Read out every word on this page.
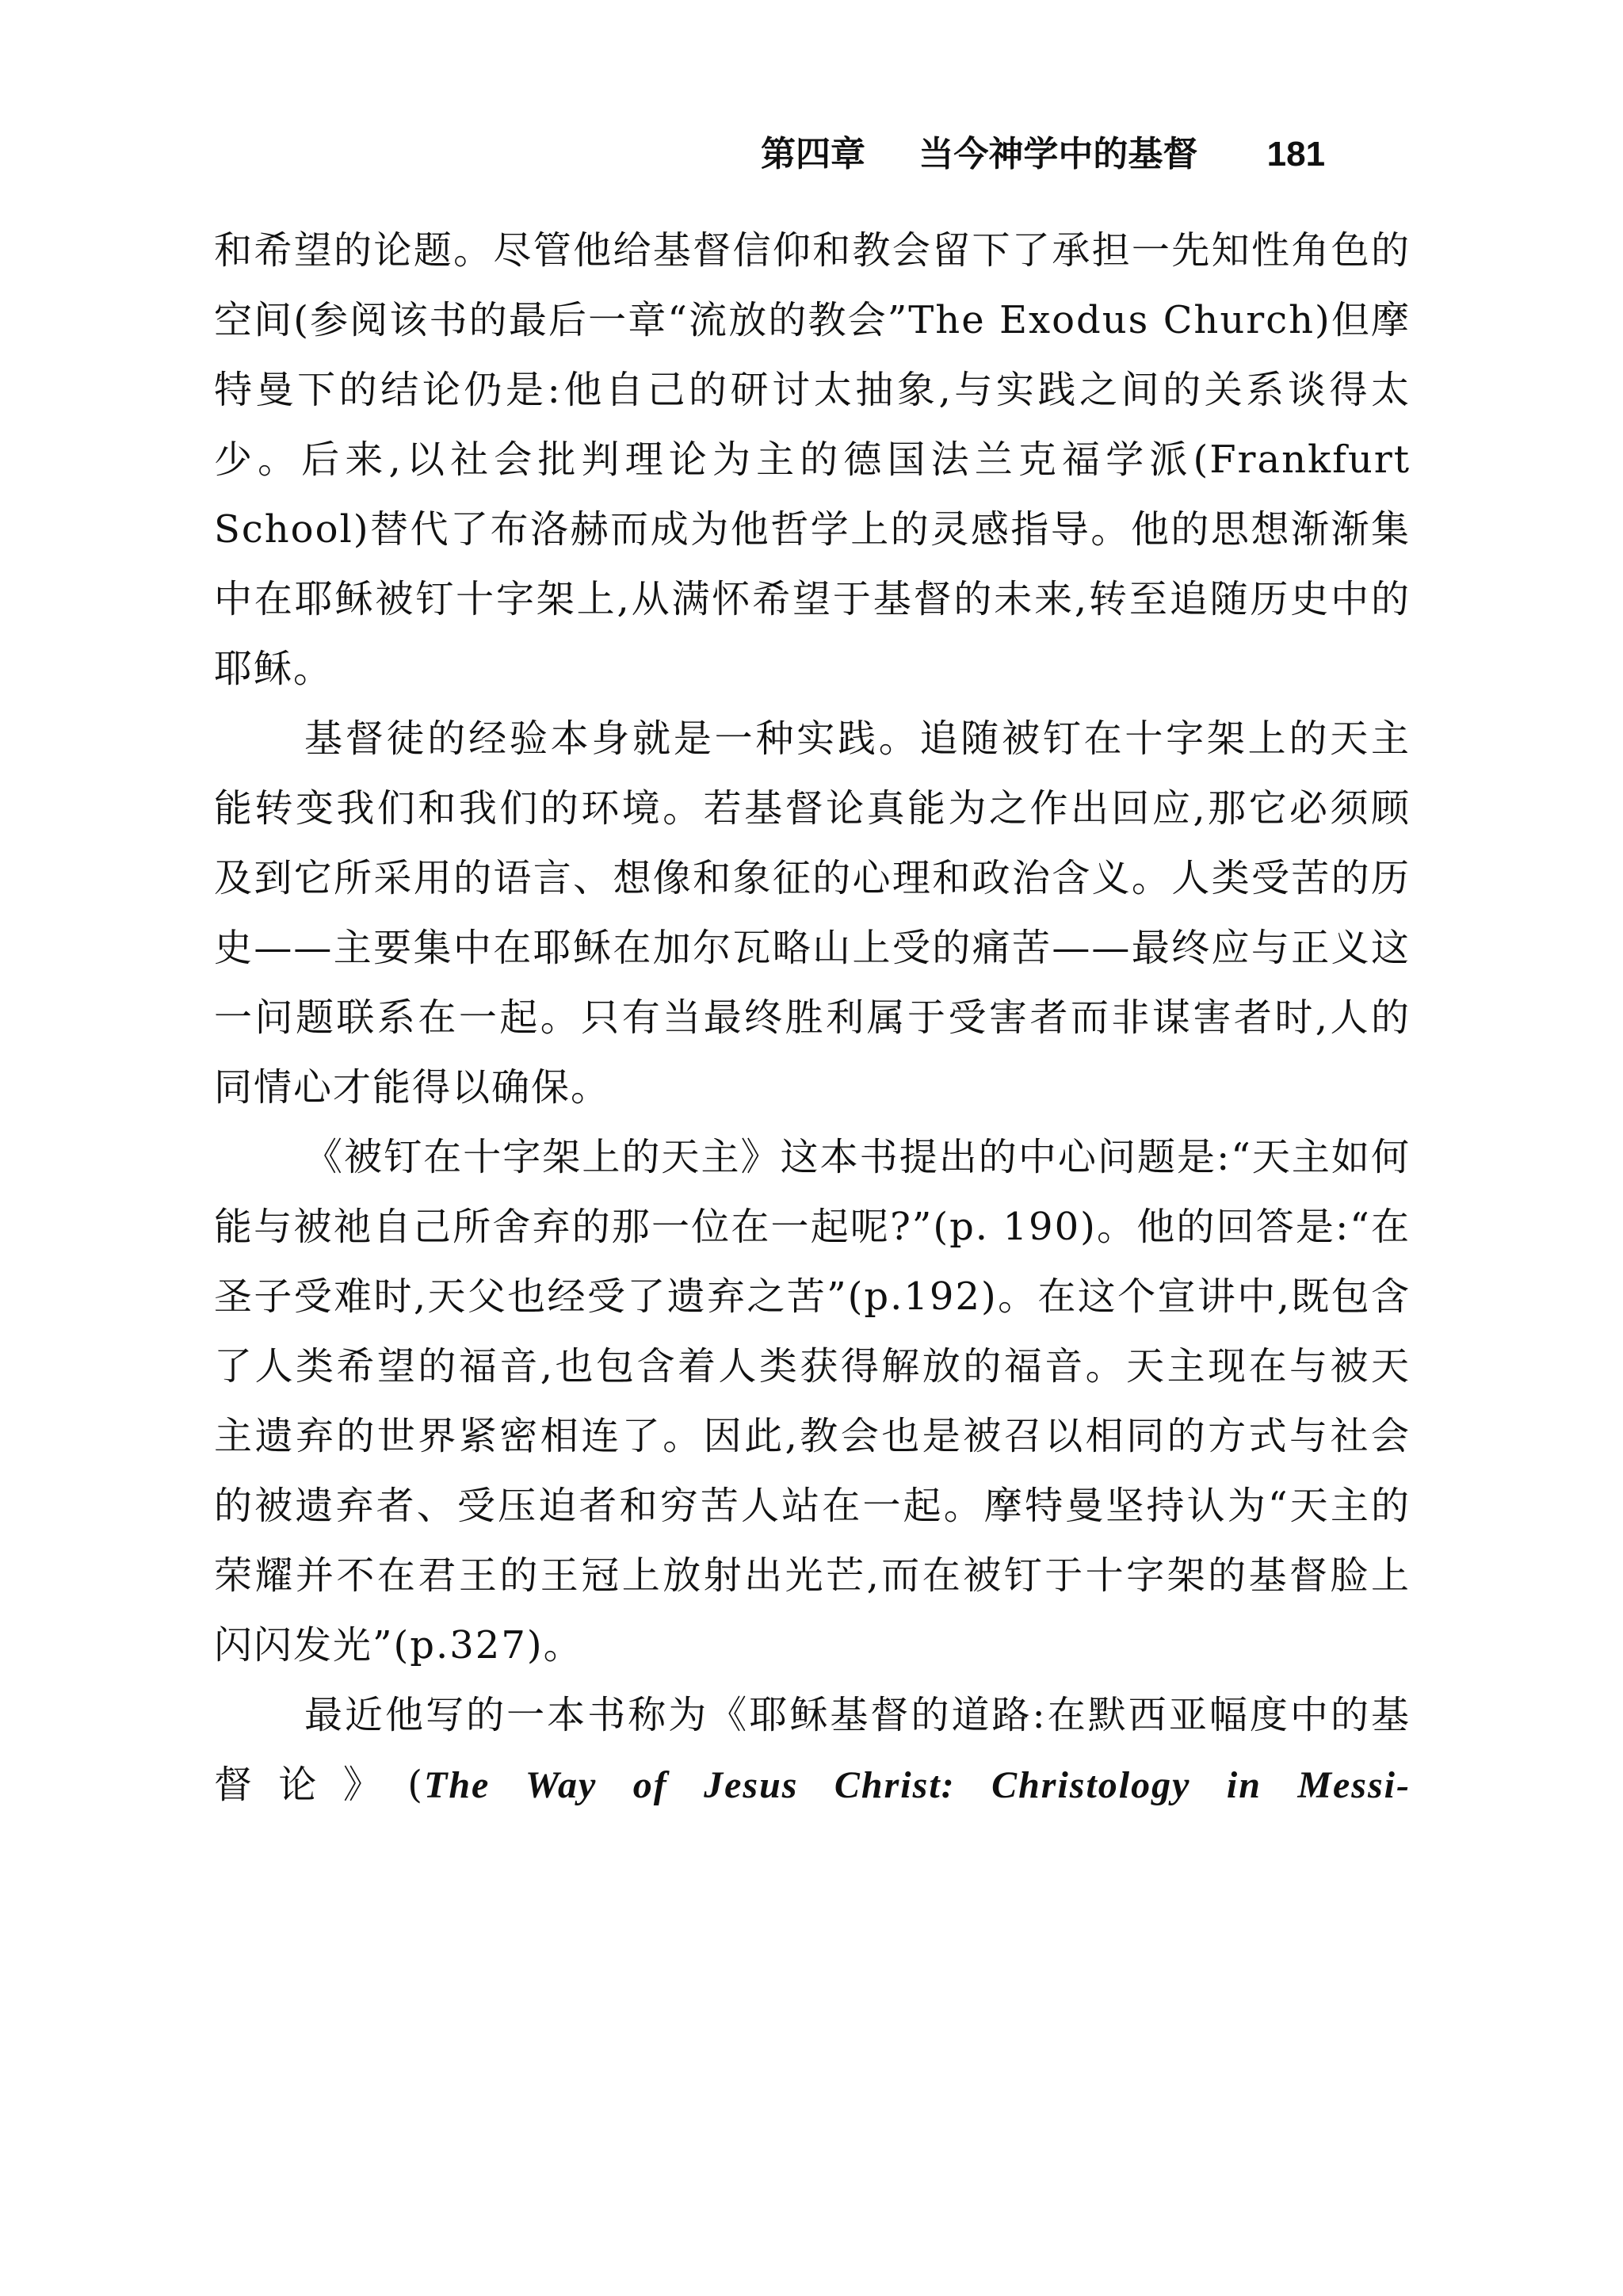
第四章 当今神学中的基督 181

和希望的论题。尽管他给基督信仰和教会留下了承担一先知性角色的空间(参阅该书的最后一章“流放的教会”The Exodus Church)但摩特曼下的结论仍是:他自己的研讨太抽象,与实践之间的关系谈得太少。后来,以社会批判理论为主的德国法兰克福学派(Frankfurt School)替代了布洛赫而成为他哲学上的灵感指导。他的思想渐渐集中在耶稣被钉十字架上,从满怀希望于基督的未来,转至追随历史中的耶稣。

基督徒的经验本身就是一种实践。追随被钉在十字架上的天主能转变我们和我们的环境。若基督论真能为之作出回应,那它必须顾及到它所采用的语言、想像和象征的心理和政治含义。人类受苦的历史——主要集中在耶稣在加尔瓦略山上受的痛苦——最终应与正义这一问题联系在一起。只有当最终胜利属于受害者而非谋害者时,人的同情心才能得以确保。

《被钉在十字架上的天主》这本书提出的中心问题是:“天主如何能与被祂自己所舍弃的那一位在一起呢?”(p. 190)。他的回答是:“在圣子受难时,天父也经受了遗弃之苦”(p.192)。在这个宣讲中,既包含了人类希望的福音,也包含着人类获得解放的福音。天主现在与被天主遗弃的世界紧密相连了。因此,教会也是被召以相同的方式与社会的被遗弃者、受压迫者和穷苦人站在一起。摩特曼坚持认为“天主的荣耀并不在君王的王冠上放射出光芒,而在被钉于十字架的基督脸上闪闪发光”(p.327)。

最近他写的一本书称为《耶稣基督的道路:在默西亚幅度中的基督论》(The Way of Jesus Christ: Christology in Messi-
